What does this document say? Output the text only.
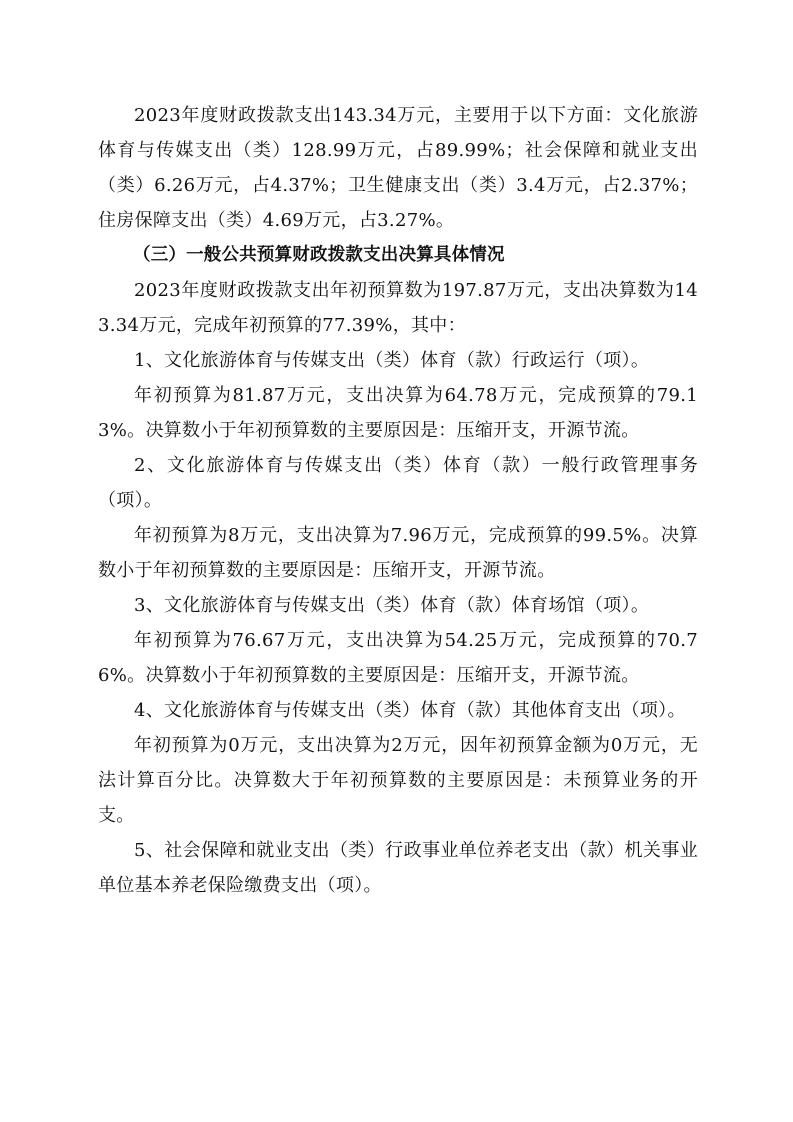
2023年度财政拨款支出143.34万元，主要用于以下方面：文化旅游体育与传媒支出（类）128.99万元，占89.99%；社会保障和就业支出（类）6.26万元，占4.37%；卫生健康支出（类）3.4万元，占2.37%；住房保障支出（类）4.69万元，占3.27%。

（三）一般公共预算财政拨款支出决算具体情况

2023年度财政拨款支出年初预算数为197.87万元，支出决算数为143.34万元，完成年初预算的77.39%，其中：

1、文化旅游体育与传媒支出（类）体育（款）行政运行（项）。

年初预算为81.87万元，支出决算为64.78万元，完成预算的79.13%。决算数小于年初预算数的主要原因是：压缩开支，开源节流。

2、文化旅游体育与传媒支出（类）体育（款）一般行政管理事务（项）。

年初预算为8万元，支出决算为7.96万元，完成预算的99.5%。决算数小于年初预算数的主要原因是：压缩开支，开源节流。

3、文化旅游体育与传媒支出（类）体育（款）体育场馆（项）。

年初预算为76.67万元，支出决算为54.25万元，完成预算的70.76%。决算数小于年初预算数的主要原因是：压缩开支，开源节流。

4、文化旅游体育与传媒支出（类）体育（款）其他体育支出（项）。

年初预算为0万元，支出决算为2万元，因年初预算金额为0万元，无法计算百分比。决算数大于年初预算数的主要原因是：未预算业务的开支。

5、社会保障和就业支出（类）行政事业单位养老支出（款）机关事业单位基本养老保险缴费支出（项）。
